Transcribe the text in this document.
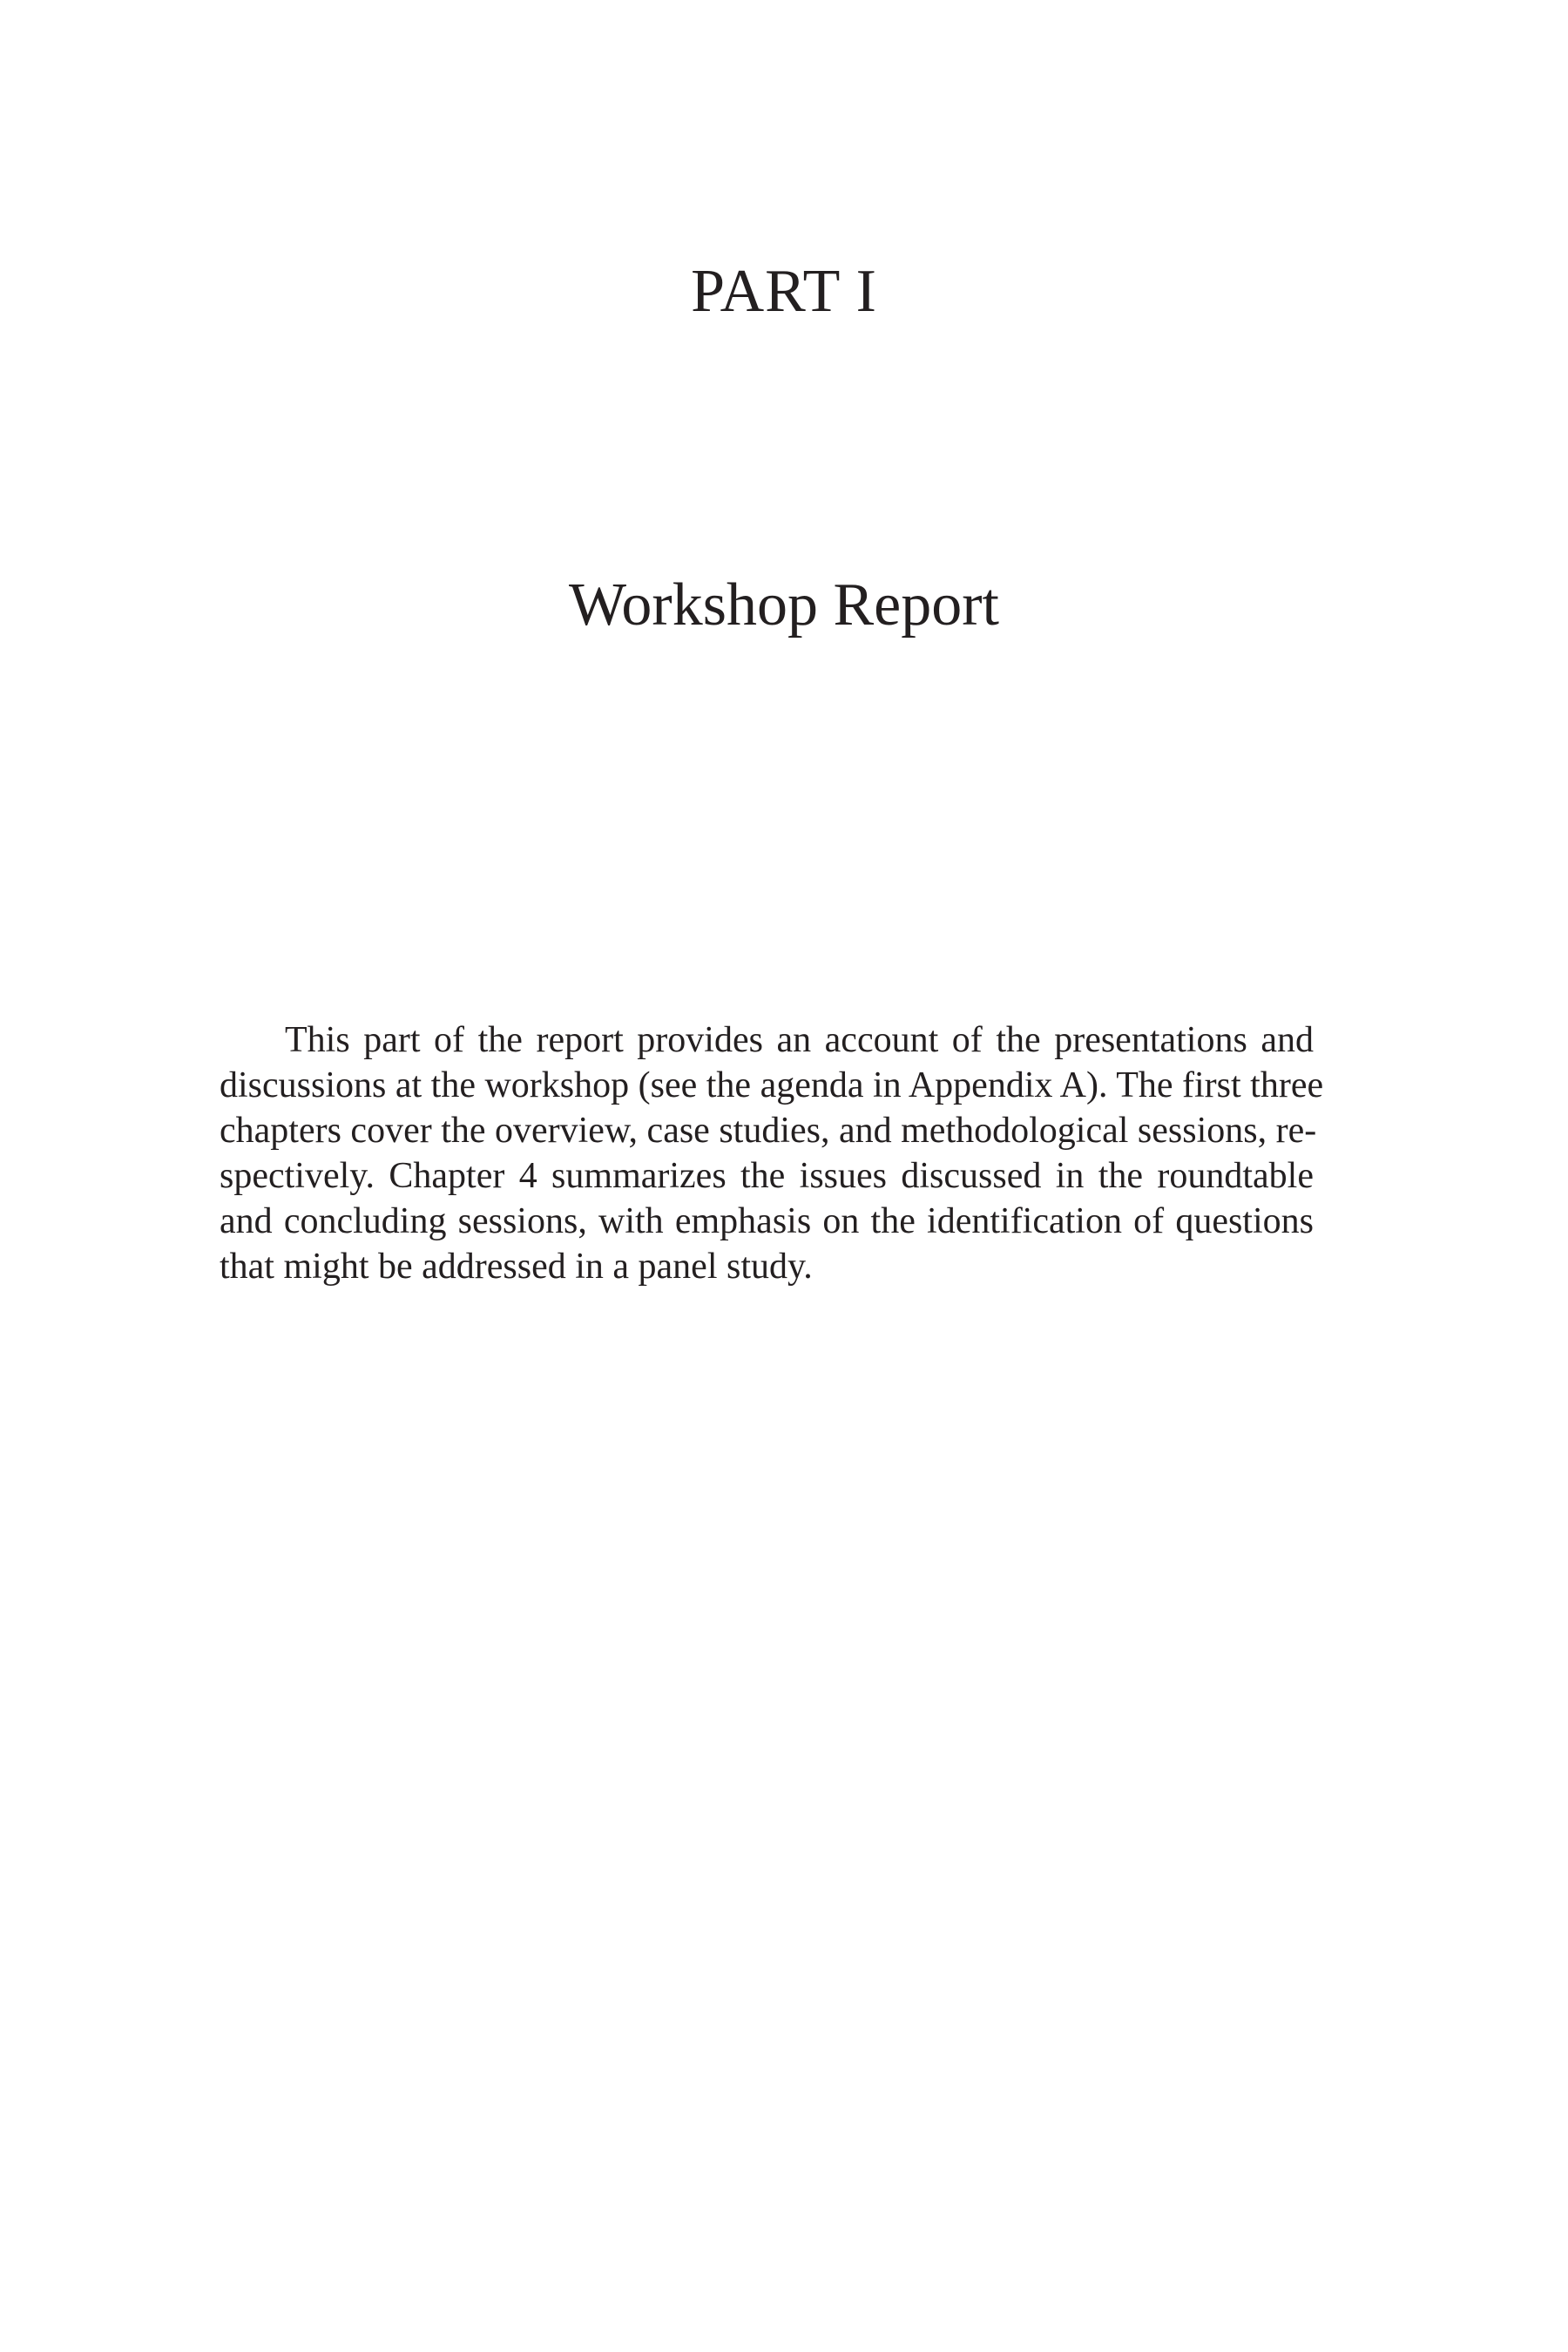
PART I
Workshop Report

This part of the report provides an account of the presentations and
discussions at the workshop (see the agenda in Appendix A). The first three
chapters cover the overview, case studies, and methodological sessions, re-
spectively. Chapter 4 summarizes the issues discussed in the roundtable
and concluding sessions, with emphasis on the identification of questions
that might be addressed in a panel study.
